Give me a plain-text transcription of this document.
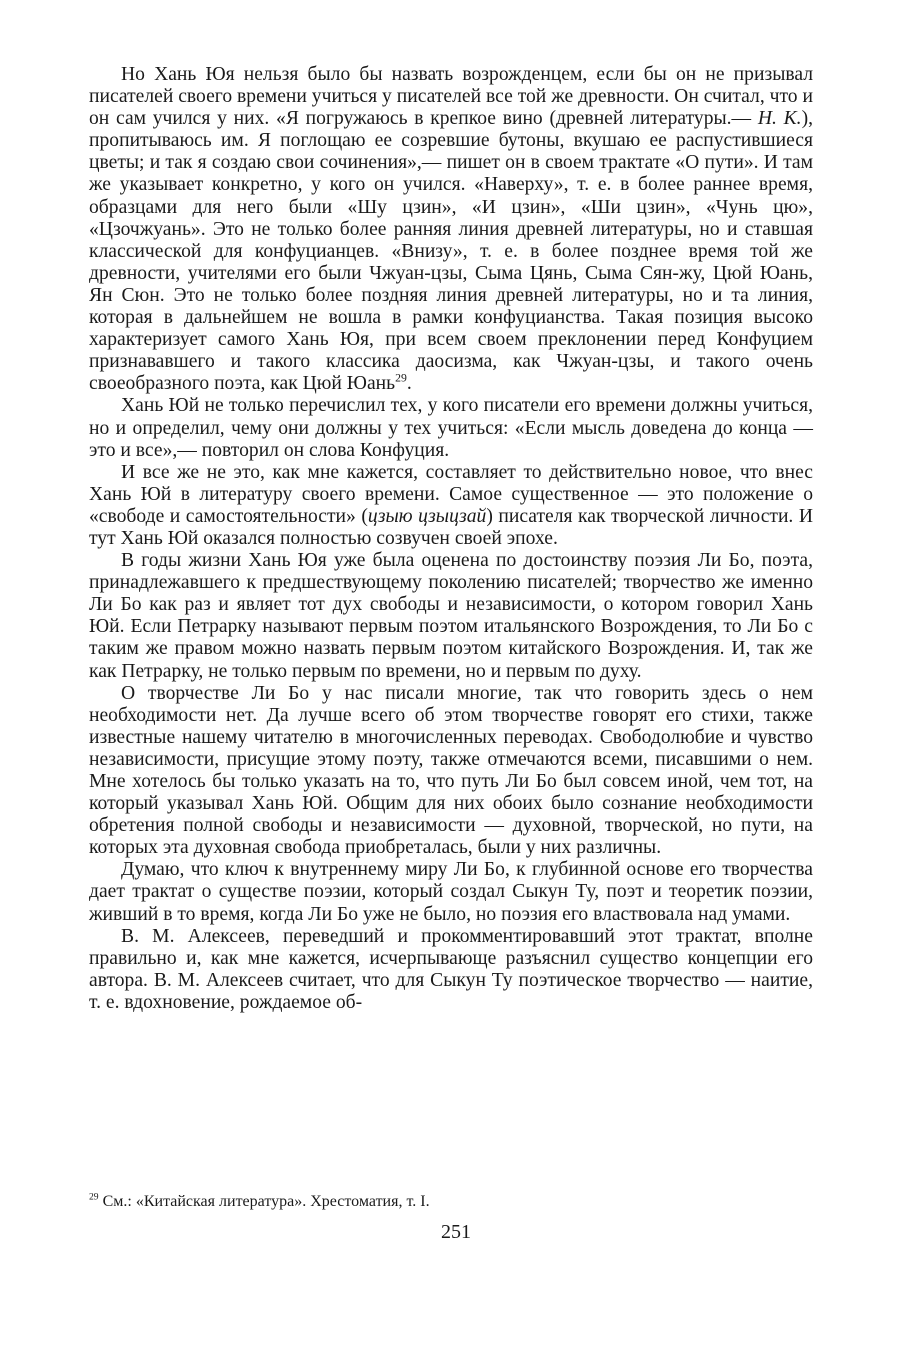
Но Хань Юя нельзя было бы назвать возрожденцем, если бы он не призывал писателей своего времени учиться у писателей все той же древности. Он считал, что и он сам учился у них. «Я погружаюсь в крепкое вино (древней литературы.— Н. К.), пропитываюсь им. Я поглощаю ее созревшие бутоны, вкушаю ее распустившиеся цветы; и так я создаю свои сочинения»,— пишет он в своем трактате «О пути». И там же указывает конкретно, у кого он учился. «Наверху», т. е. в более раннее время, образцами для него были «Шу цзин», «И цзин», «Ши цзин», «Чунь цю», «Цзочжуань». Это не только более ранняя линия древней литературы, но и ставшая классической для конфуцианцев. «Внизу», т. е. в более позднее время той же древности, учителями его были Чжуан-цзы, Сыма Цянь, Сыма Сян-жу, Цюй Юань, Ян Сюн. Это не только более поздняя линия древней литературы, но и та линия, которая в дальнейшем не вошла в рамки конфуцианства. Такая позиция высоко характеризует самого Хань Юя, при всем своем преклонении перед Конфуцием признававшего и такого классика даосизма, как Чжуан-цзы, и такого очень своеобразного поэта, как Цюй Юань$^{29}$.

Хань Юй не только перечислил тех, у кого писатели его времени должны учиться, но и определил, чему они должны у тех учиться: «Если мысль доведена до конца — это и все»,— повторил он слова Конфуция.

И все же не это, как мне кажется, составляет то действительно новое, что внес Хань Юй в литературу своего времени. Самое существенное — это положение о «свободе и самостоятельности» (цзыю цзыцзай) писателя как творческой личности. И тут Хань Юй оказался полностью созвучен своей эпохе.

В годы жизни Хань Юя уже была оценена по достоинству поэзия Ли Бо, поэта, принадлежавшего к предшествующему поколению писателей; творчество же именно Ли Бо как раз и являет тот дух свободы и независимости, о котором говорил Хань Юй. Если Петрарку называют первым поэтом итальянского Возрождения, то Ли Бо с таким же правом можно назвать первым поэтом китайского Возрождения. И, так же как Петрарку, не только первым по времени, но и первым по духу.

О творчестве Ли Бо у нас писали многие, так что говорить здесь о нем необходимости нет. Да лучше всего об этом творчестве говорят его стихи, также известные нашему читателю в многочисленных переводах. Свободолюбие и чувство независимости, присущие этому поэту, также отмечаются всеми, писавшими о нем. Мне хотелось бы только указать на то, что путь Ли Бо был совсем иной, чем тот, на который указывал Хань Юй. Общим для них обоих было сознание необходимости обретения полной свободы и независимости — духовной, творческой, но пути, на которых эта духовная свобода приобреталась, были у них различны.

Думаю, что ключ к внутреннему миру Ли Бо, к глубинной основе его творчества дает трактат о существе поэзии, который создал Сыкун Ту, поэт и теоретик поэзии, живший в то время, когда Ли Бо уже не было, но поэзия его властвовала над умами.

В. М. Алексеев, переведший и прокомментировавший этот трактат, вполне правильно и, как мне кажется, исчерпывающе разъяснил существо концепции его автора. В. М. Алексеев считает, что для Сыкун Ту поэтическое творчество — наитие, т. е. вдохновение, рождаемое об-

$^{29}$ См.: «Китайская литература». Хрестоматия, т. I.

251
